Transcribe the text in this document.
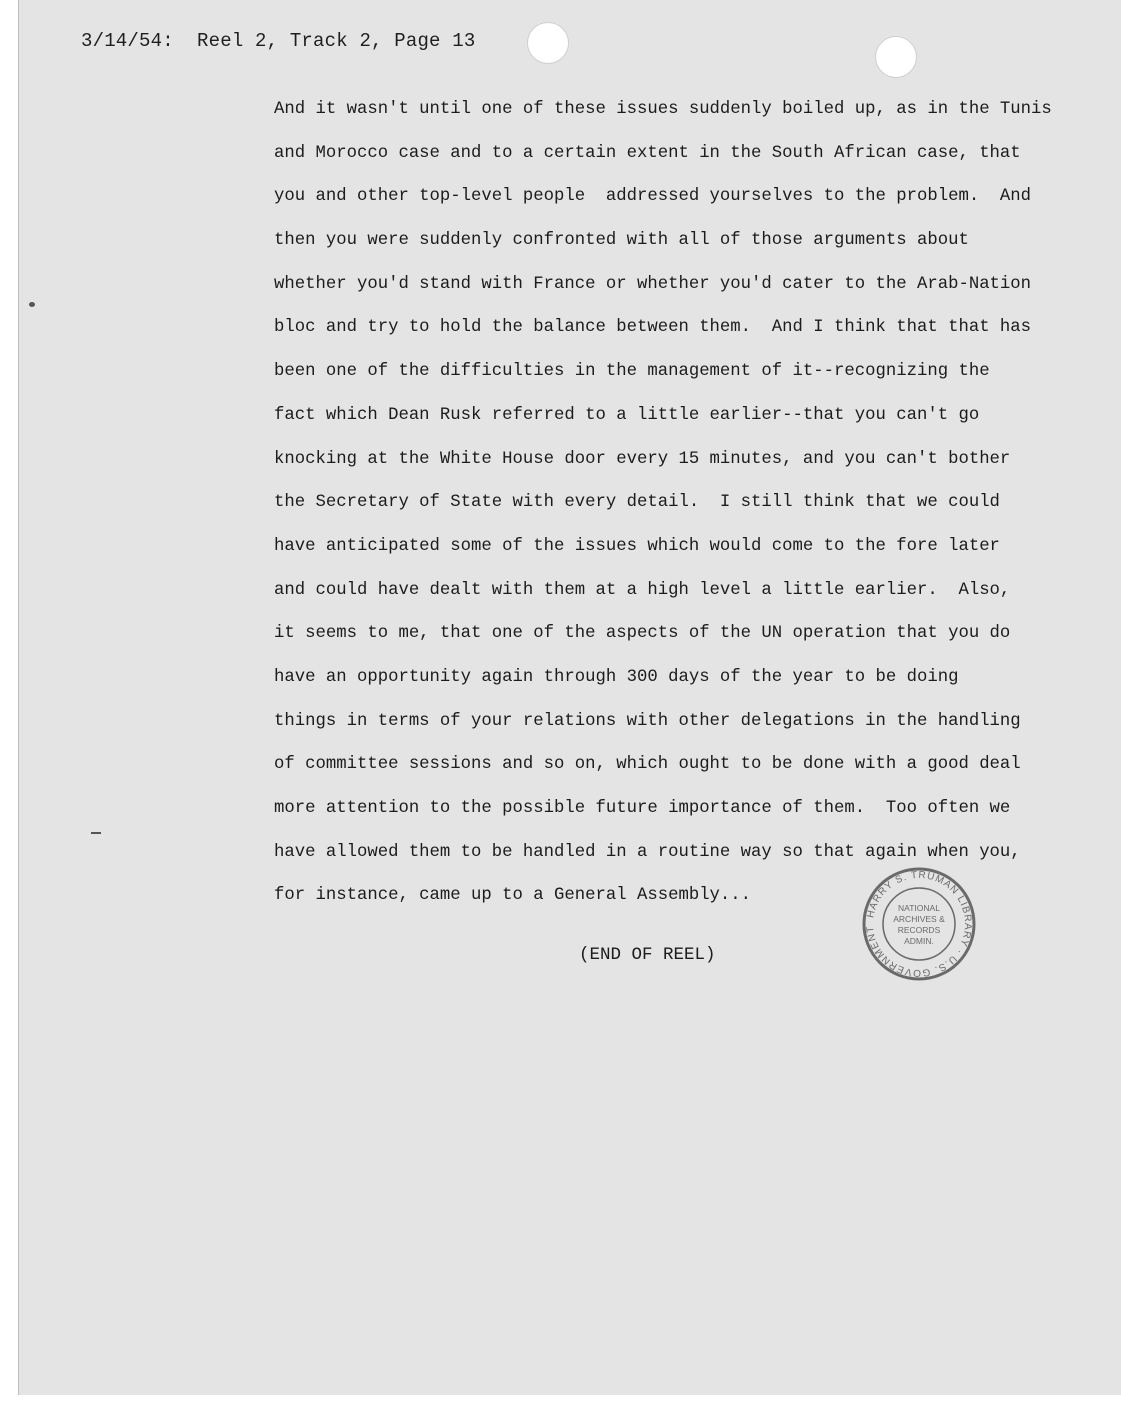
3/14/54:  Reel 2, Track 2, Page 13
And it wasn't until one of these issues suddenly boiled up, as in the Tunis
and Morocco case and to a certain extent in the South African case, that
you and other top-level people  addressed yourselves to the problem.  And
then you were suddenly confronted with all of those arguments about
whether you'd stand with France or whether you'd cater to the Arab-Nation
bloc and try to hold the balance between them.  And I think that that has
been one of the difficulties in the management of it--recognizing the
fact which Dean Rusk referred to a little earlier--that you can't go
knocking at the White House door every 15 minutes, and you can't bother
the Secretary of State with every detail.  I still think that we could
have anticipated some of the issues which would come to the fore later
and could have dealt with them at a high level a little earlier.  Also,
it seems to me, that one of the aspects of the UN operation that you do
have an opportunity again through 300 days of the year to be doing
things in terms of your relations with other delegations in the handling
of committee sessions and so on, which ought to be done with a good deal
more attention to the possible future importance of them.  Too often we
have allowed them to be handled in a routine way so that again when you,
for instance, came up to a General Assembly...
(END OF REEL)
HARRY S. TRUMAN LIBRARY · U.S. GOVERNMENT
NATIONAL
ARCHIVES &
RECORDS
ADMIN.
